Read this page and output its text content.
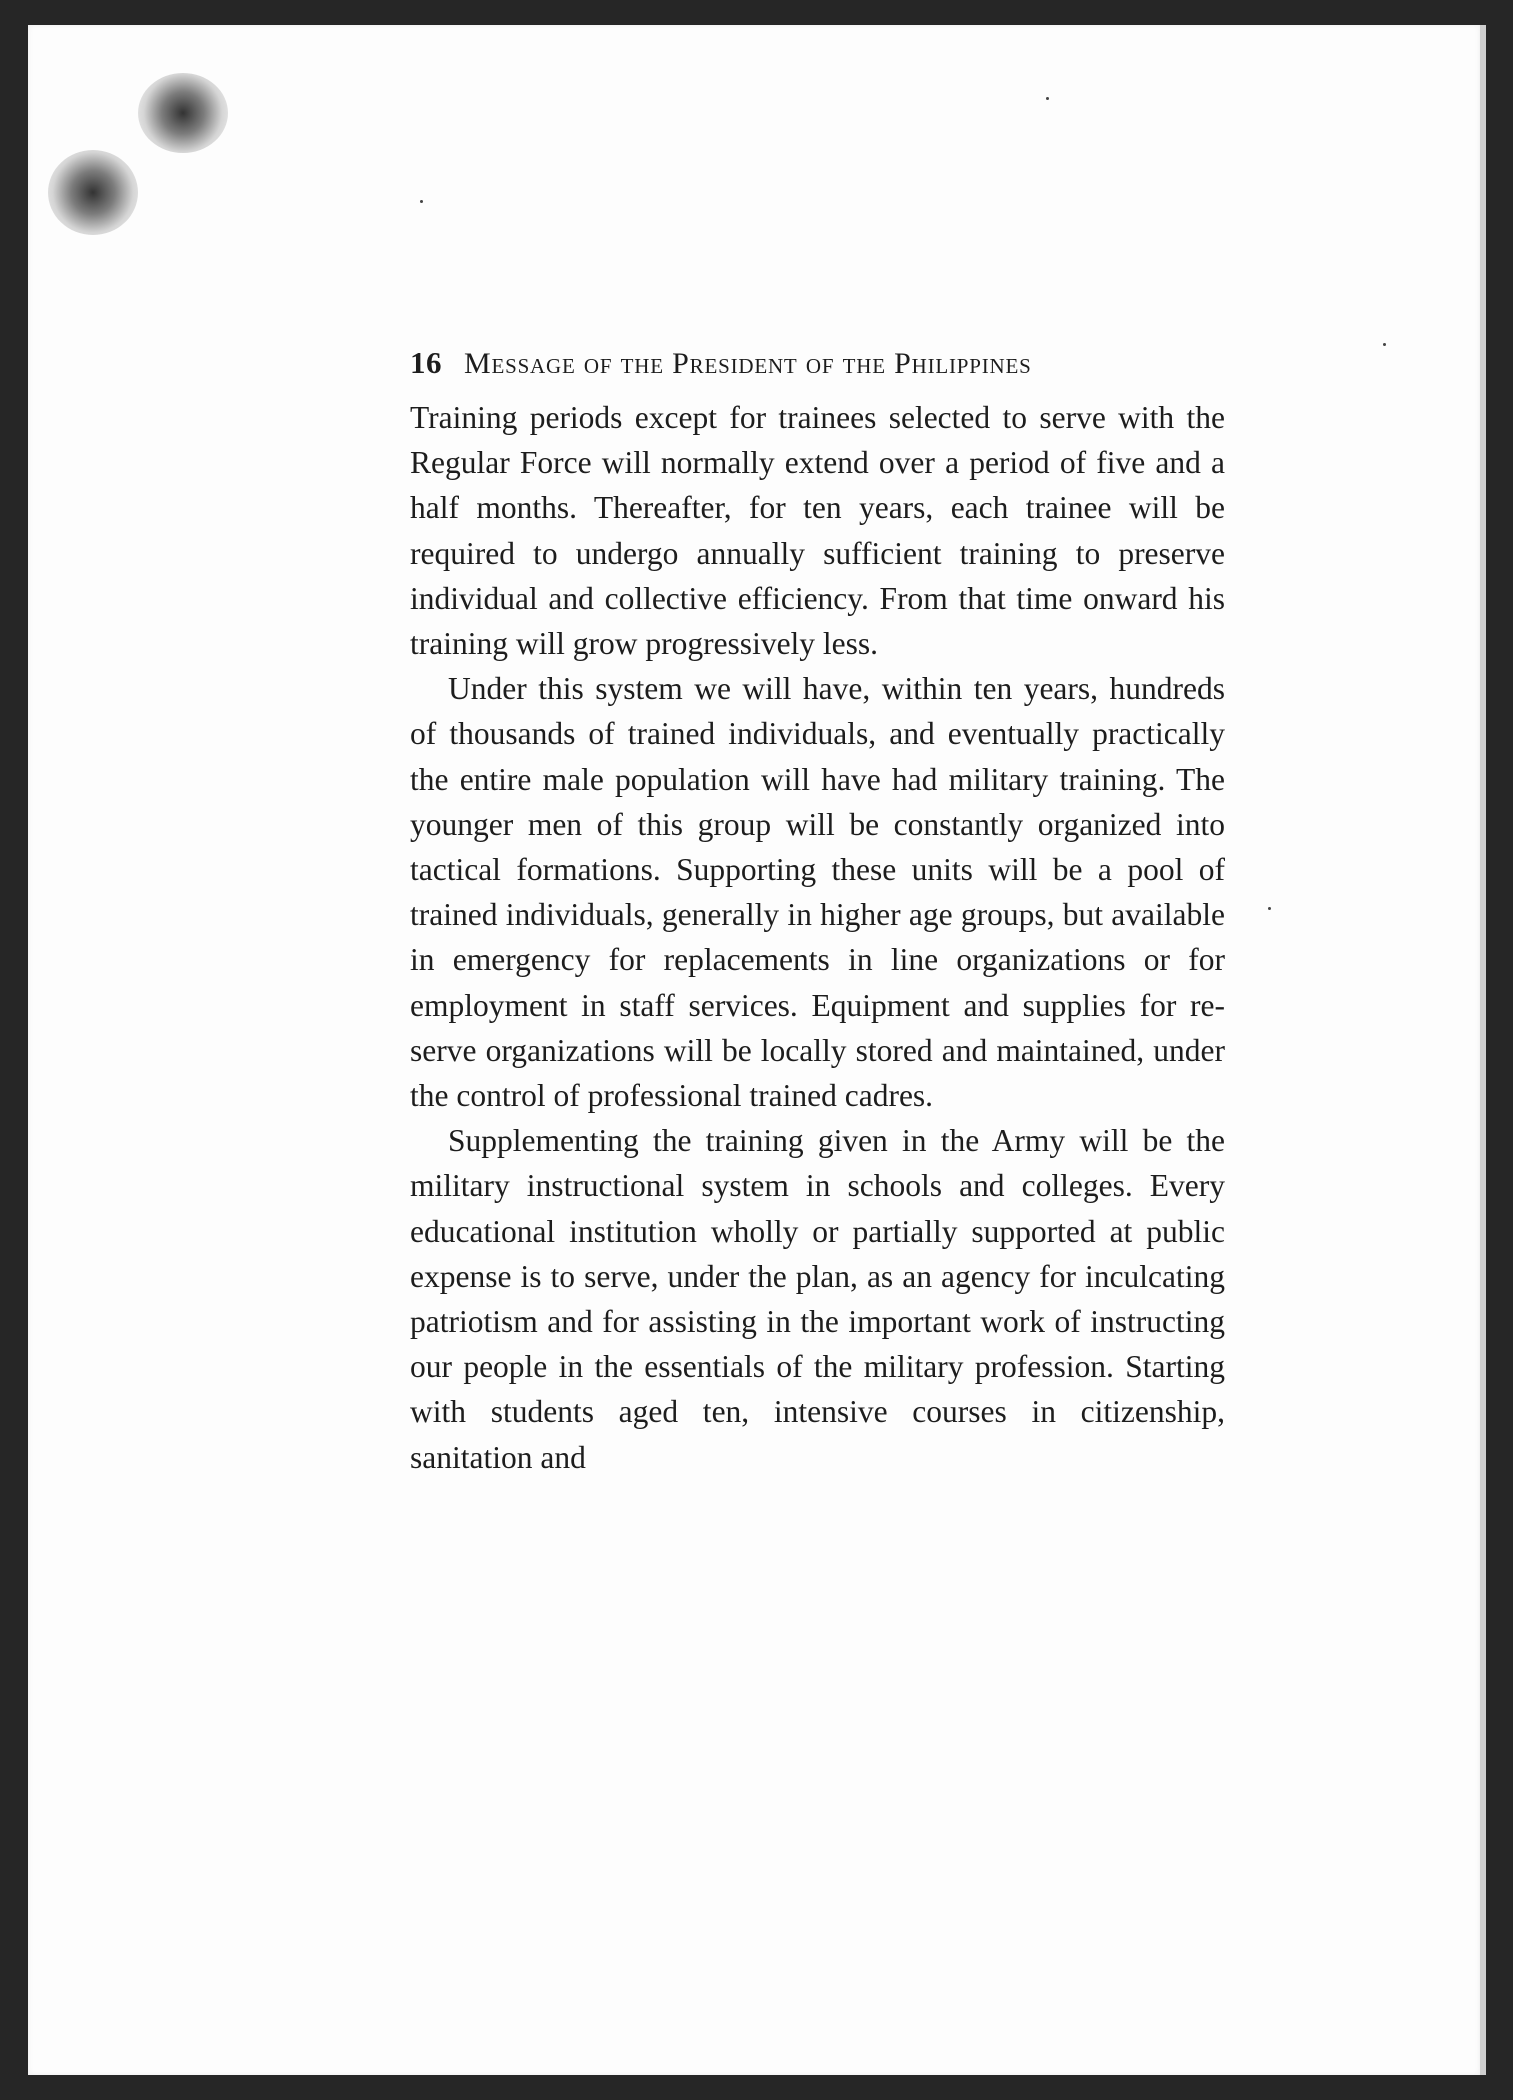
16 Message of the President of the Philippines

Training periods except for trainees selected to serve with the Regular Force will normally extend over a period of five and a half months. Thereafter, for ten years, each trainee will be required to undergo annually sufficient training to preserve individual and collective efficiency. From that time onward his training will grow progressively less.

Under this system we will have, within ten years, hundreds of thousands of trained individuals, and eventually practically the entire male population will have had military training. The younger men of this group will be constantly organized into tactical formations. Supporting these units will be a pool of trained individuals, generally in higher age groups, but available in emergency for replacements in line organizations or for employment in staff services. Equipment and supplies for reserve organizations will be locally stored and maintained, under the control of professional trained cadres.

Supplementing the training given in the Army will be the military instructional system in schools and colleges. Every educational institution wholly or partially supported at public expense is to serve, under the plan, as an agency for inculcating patriotism and for assisting in the important work of instructing our people in the essentials of the military profession. Starting with students aged ten, intensive courses in citizenship, sanitation and
